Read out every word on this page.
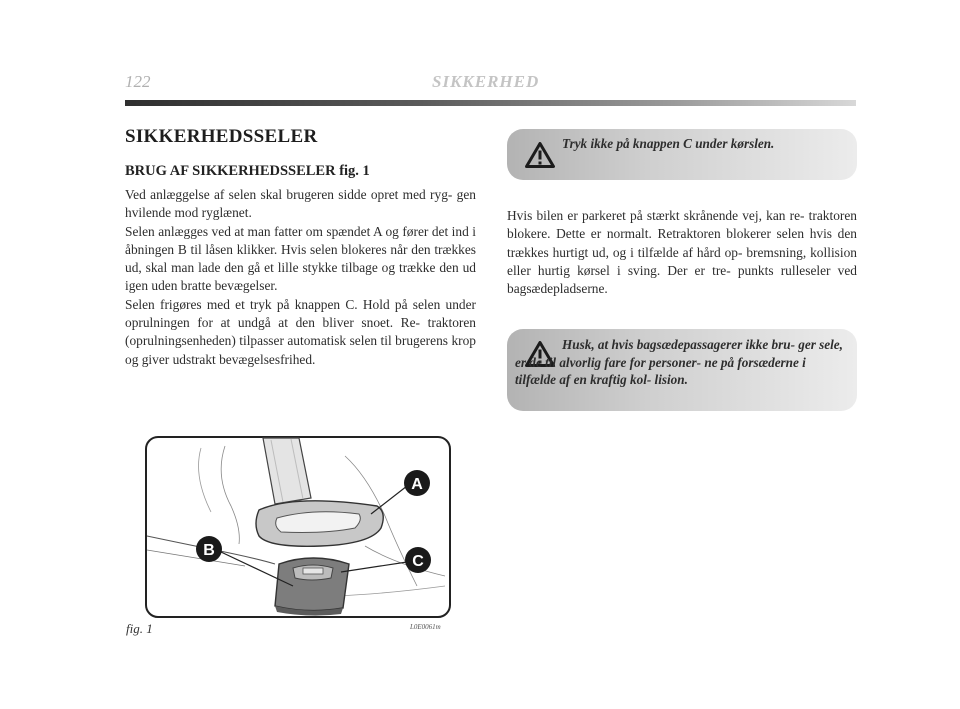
122	SIKKERHED
SIKKERHEDSSELER
BRUG AF SIKKERHEDSSELER fig. 1

Ved anlæggelse af selen skal brugeren sidde opret med ryg- gen hvilende mod ryglænet.

Selen anlægges ved at man fatter om spændet A og fører det ind i åbningen B til låsen klikker. Hvis selen blokeres når den trækkes ud, skal man lade den gå et lille stykke tilbage og trække den ud igen uden bratte bevægelser.

Selen frigøres med et tryk på knappen C. Hold på selen under oprulningen for at undgå at den bliver snoet. Re- traktoren (oprulningsenheden) tilpasser automatisk selen til brugerens krop og giver udstrakt bevægelsesfrihed.

Tryk ikke på knappen C under kørslen.
Hvis bilen er parkeret på stærkt skrånende vej, kan re- traktoren blokere. Dette er normalt. Retraktoren blokerer selen hvis den trækkes hurtigt ud, og i tilfælde af hård op- bremsning, kollision eller hurtig kørsel i sving. Der er tre- punkts rulleseler ved bagsædepladserne.
Husk, at hvis bagsædepassagerer ikke bru- ger sele, er de til alvorlig fare for personer- ne på forsæderne i tilfælde af en kraftig kol- lision.
A
B
C
fig. 1	L0E0061m
